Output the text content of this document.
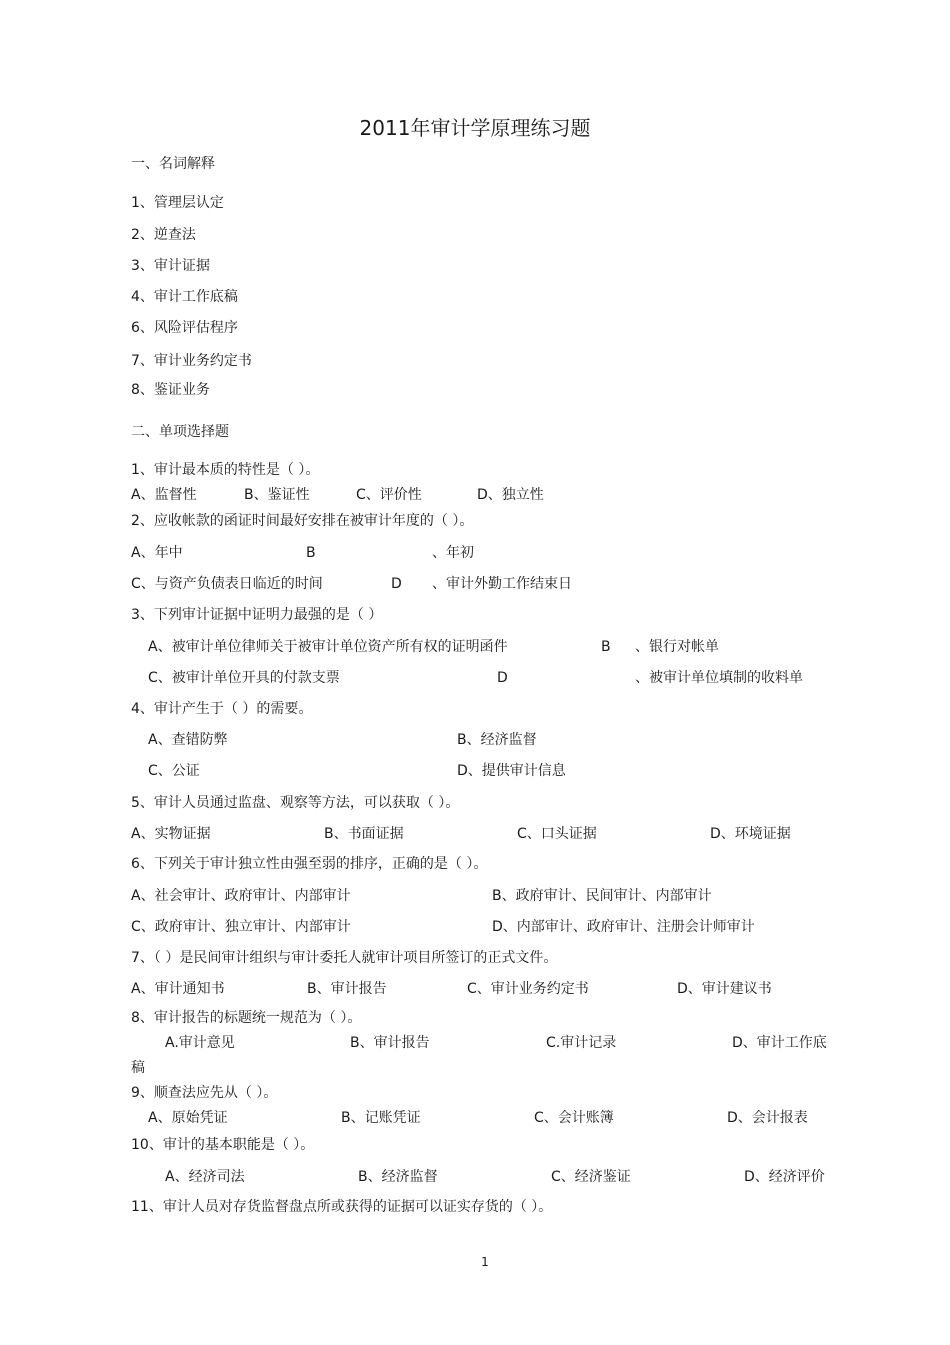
2011年审计学原理练习题
一、名词解释
1、管理层认定
2、逆查法
3、审计证据
4、审计工作底稿
6、风险评估程序
7、审计业务约定书
8、鉴证业务
二、单项选择题
1、审计最本质的特性是（ ）。
A、监督性	B、鉴证性	C、评价性	D、独立性
2、应收帐款的函证时间最好安排在被审计年度的（ ）。
A、年中	B	、年初
C、与资产负债表日临近的时间	D 、审计外勤工作结束日
3、下列审计证据中证明力最强的是（ ）
A、被审计单位律师关于被审计单位资产所有权的证明函件	B 、银行对帐单
C、被审计单位开具的付款支票	D	、被审计单位填制的收料单
4、审计产生于（ ）的需要。
A、查错防弊	B、经济监督
C、公证	D、提供审计信息
5、审计人员通过监盘、观察等方法，可以获取（ ）。
A、实物证据	B、书面证据	C、口头证据	D、环境证据
6、下列关于审计独立性由强至弱的排序，正确的是（ ）。
A、社会审计、政府审计、内部审计	B、政府审计、民间审计、内部审计
C、政府审计、独立审计、内部审计	D、内部审计、政府审计、注册会计师审计
7、（ ）是民间审计组织与审计委托人就审计项目所签订的正式文件。
A、审计通知书	B、审计报告	C、审计业务约定书	D、审计建议书
8、审计报告的标题统一规范为（ ）。
A.审计意见	B、审计报告	C.审计记录	D、审计工作底
稿
9、顺查法应先从（ ）。
A、原始凭证	B、记账凭证	C、会计账簿	D、会计报表
10、审计的基本职能是（ ）。
A、经济司法	B、经济监督	C、经济鉴证	D、经济评价
11、审计人员对存货监督盘点所或获得的证据可以证实存货的（ ）。
1
